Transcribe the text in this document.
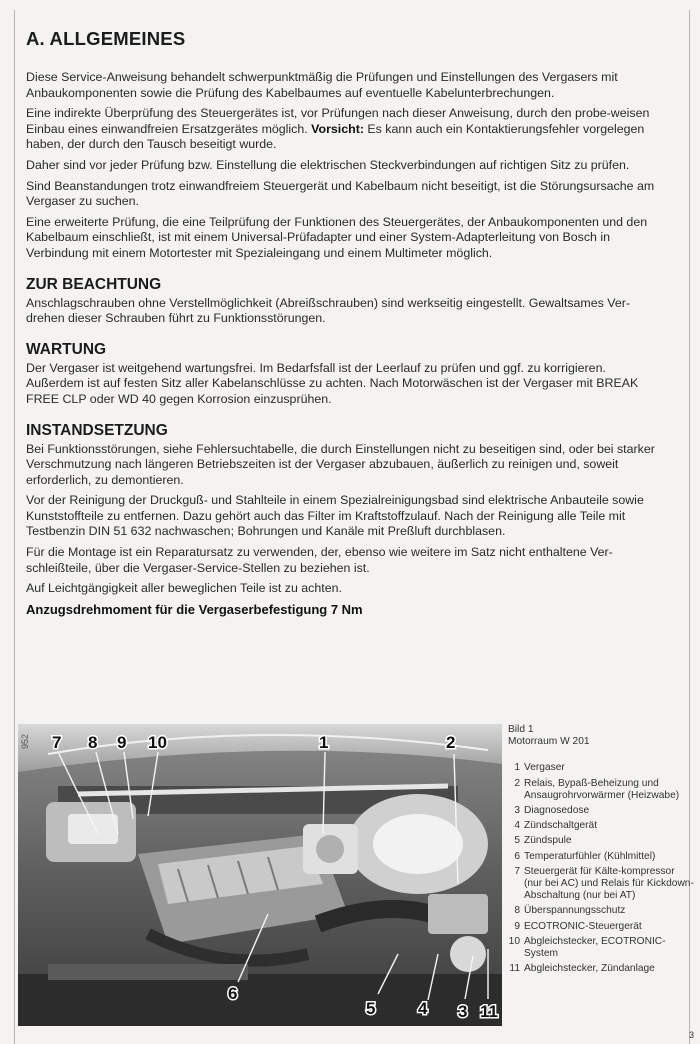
A. ALLGEMEINES

Diese Service-Anweisung behandelt schwerpunktmäßig die Prüfungen und Einstellungen des Vergasers mit Anbaukomponenten sowie die Prüfung des Kabelbaumes auf eventuelle Kabelunterbrechungen.

Eine indirekte Überprüfung des Steuergerätes ist, vor Prüfungen nach dieser Anweisung, durch den probe-weisen Einbau eines einwandfreien Ersatzgerätes möglich. Vorsicht: Es kann auch ein Kontaktierungsfehler vorgelegen haben, der durch den Tausch beseitigt wurde.

Daher sind vor jeder Prüfung bzw. Einstellung die elektrischen Steckverbindungen auf richtigen Sitz zu prüfen.

Sind Beanstandungen trotz einwandfreiem Steuergerät und Kabelbaum nicht beseitigt, ist die Störungsursache am Vergaser zu suchen.

Eine erweiterte Prüfung, die eine Teilprüfung der Funktionen des Steuergerätes, der Anbaukomponenten und den Kabelbaum einschließt, ist mit einem Universal-Prüfadapter und einer System-Adapterleitung von Bosch in Verbindung mit einem Motortester mit Spezialeingang und einem Multimeter möglich.

ZUR BEACHTUNG

Anschlagschrauben ohne Verstellmöglichkeit (Abreißschrauben) sind werkseitig eingestellt. Gewaltsames Ver-drehen dieser Schrauben führt zu Funktionsstörungen.

WARTUNG

Der Vergaser ist weitgehend wartungsfrei. Im Bedarfsfall ist der Leerlauf zu prüfen und ggf. zu korrigieren. Außerdem ist auf festen Sitz aller Kabelanschlüsse zu achten. Nach Motorwäschen ist der Vergaser mit BREAK FREE CLP oder WD 40 gegen Korrosion einzusprühen.

INSTANDSETZUNG

Bei Funktionsstörungen, siehe Fehlersuchtabelle, die durch Einstellungen nicht zu beseitigen sind, oder bei starker Verschmutzung nach längeren Betriebszeiten ist der Vergaser abzubauen, äußerlich zu reinigen und, soweit erforderlich, zu demontieren.

Vor der Reinigung der Druckguß- und Stahlteile in einem Spezialreinigungsbad sind elektrische Anbauteile sowie Kunststoffteile zu entfernen. Dazu gehört auch das Filter im Kraftstoffzulauf. Nach der Reinigung alle Teile mit Testbenzin DIN 51 632 nachwaschen; Bohrungen und Kanäle mit Preßluft durchblasen.

Für die Montage ist ein Reparatursatz zu verwenden, der, ebenso wie weitere im Satz nicht enthaltene Ver-schleißteile, über die Vergaser-Service-Stellen zu beziehen ist.

Auf Leichtgängigkeit aller beweglichen Teile ist zu achten.

Anzugsdrehmoment für die Vergaserbefestigung 7 Nm

7 8 9 10	1	2
6
5	4 3 11
952
Bild 1
Motorraum W 201
1 Vergaser
2 Relais, Bypaß-Beheizung und Ansaugrohrvorwärmer (Heizwabe)
3 Diagnosedose
4 Zündschaltgerät
5 Zündspule
6 Temperaturfühler (Kühlmittel)
7 Steuergerät für Kälte-kompressor (nur bei AC) und Relais für Kickdown-Abschaltung (nur bei AT)
8 Überspannungsschutz
9 ECOTRONIC-Steuergerät
10 Abgleichstecker, ECOTRONIC-System
11 Abgleichstecker, Zündanlage
3
